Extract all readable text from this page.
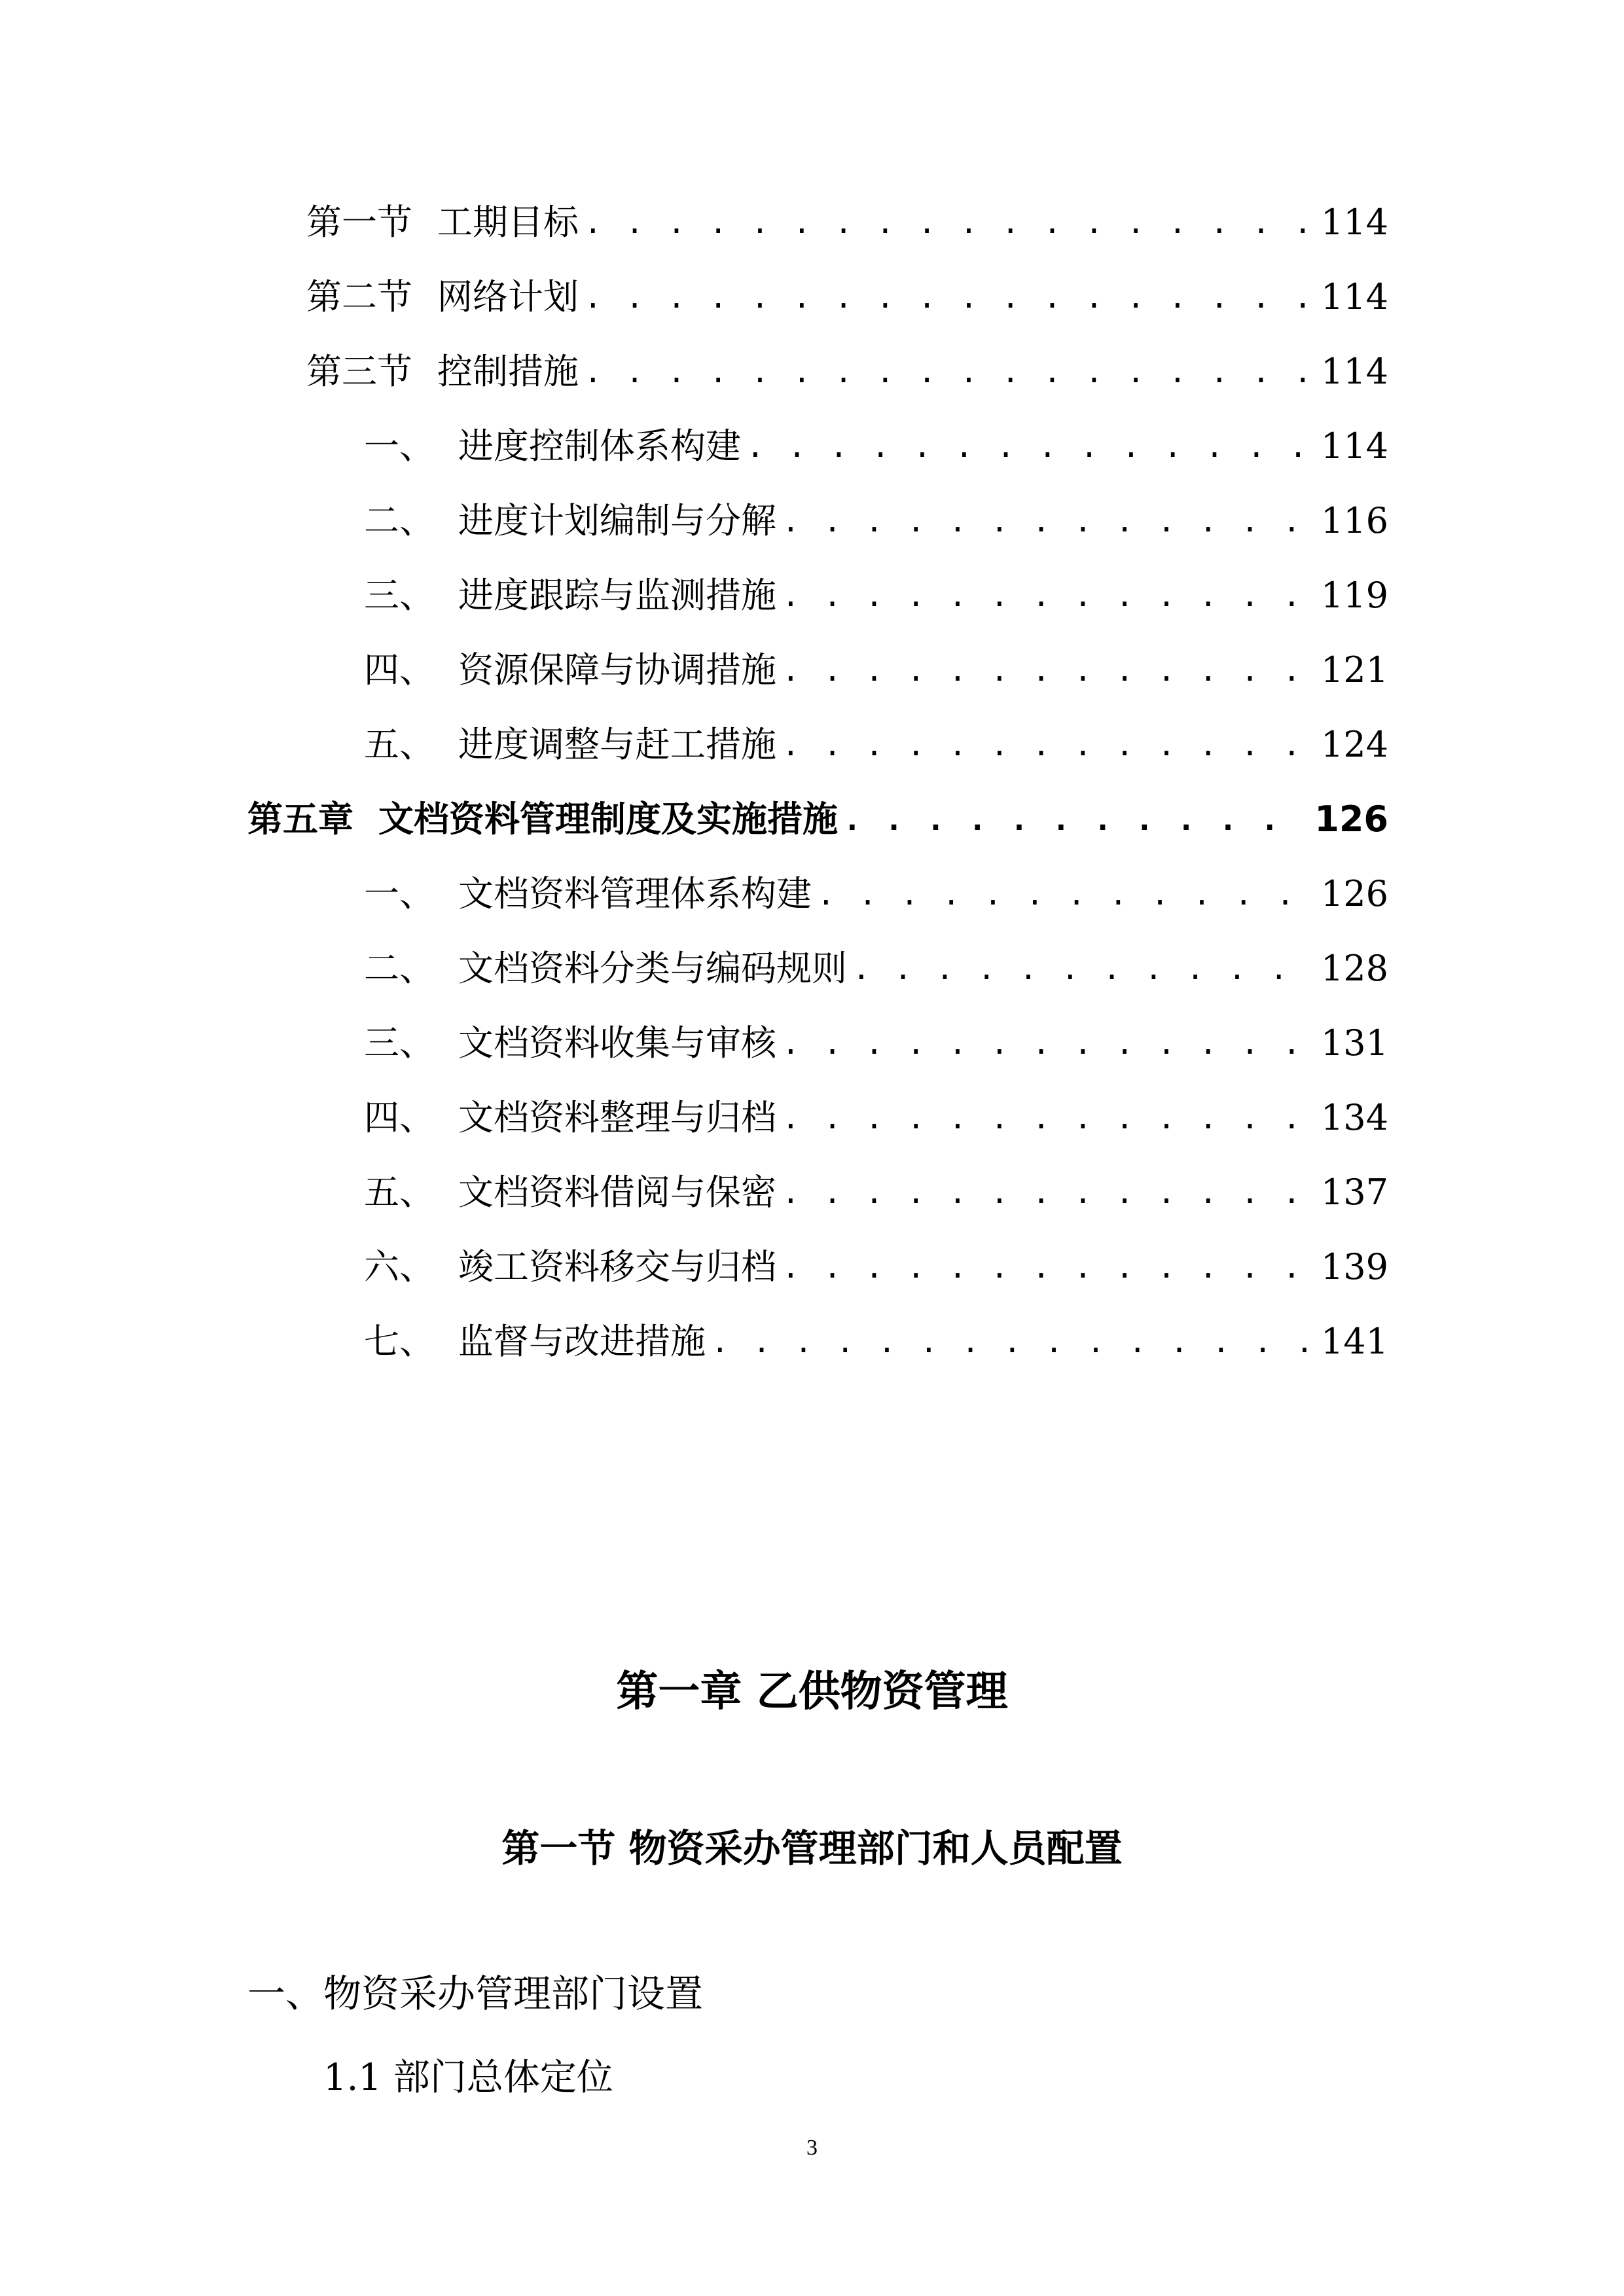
第一节 工期目标 . . .	114
第二节 网络计划 . . .	114
第三节 控制措施 . . .	114
一、 进度控制体系构建 . . .	114
二、 进度计划编制与分解 . . .	116
三、 进度跟踪与监测措施 . . .	119
四、 资源保障与协调措施 . . .	121
五、 进度调整与赶工措施 . . .	124
第五章 文档资料管理制度及实施措施 . . .	126
一、 文档资料管理体系构建 . . .	126
二、 文档资料分类与编码规则 . . .	128
三、 文档资料收集与审核 . . .	131
四、 文档资料整理与归档 . . .	134
五、 文档资料借阅与保密 . . .	137
六、 竣工资料移交与归档 . . .	139
七、 监督与改进措施 . . .	141
第一章 乙供物资管理
第一节 物资采办管理部门和人员配置
一、物资采办管理部门设置
1.1 部门总体定位
3
